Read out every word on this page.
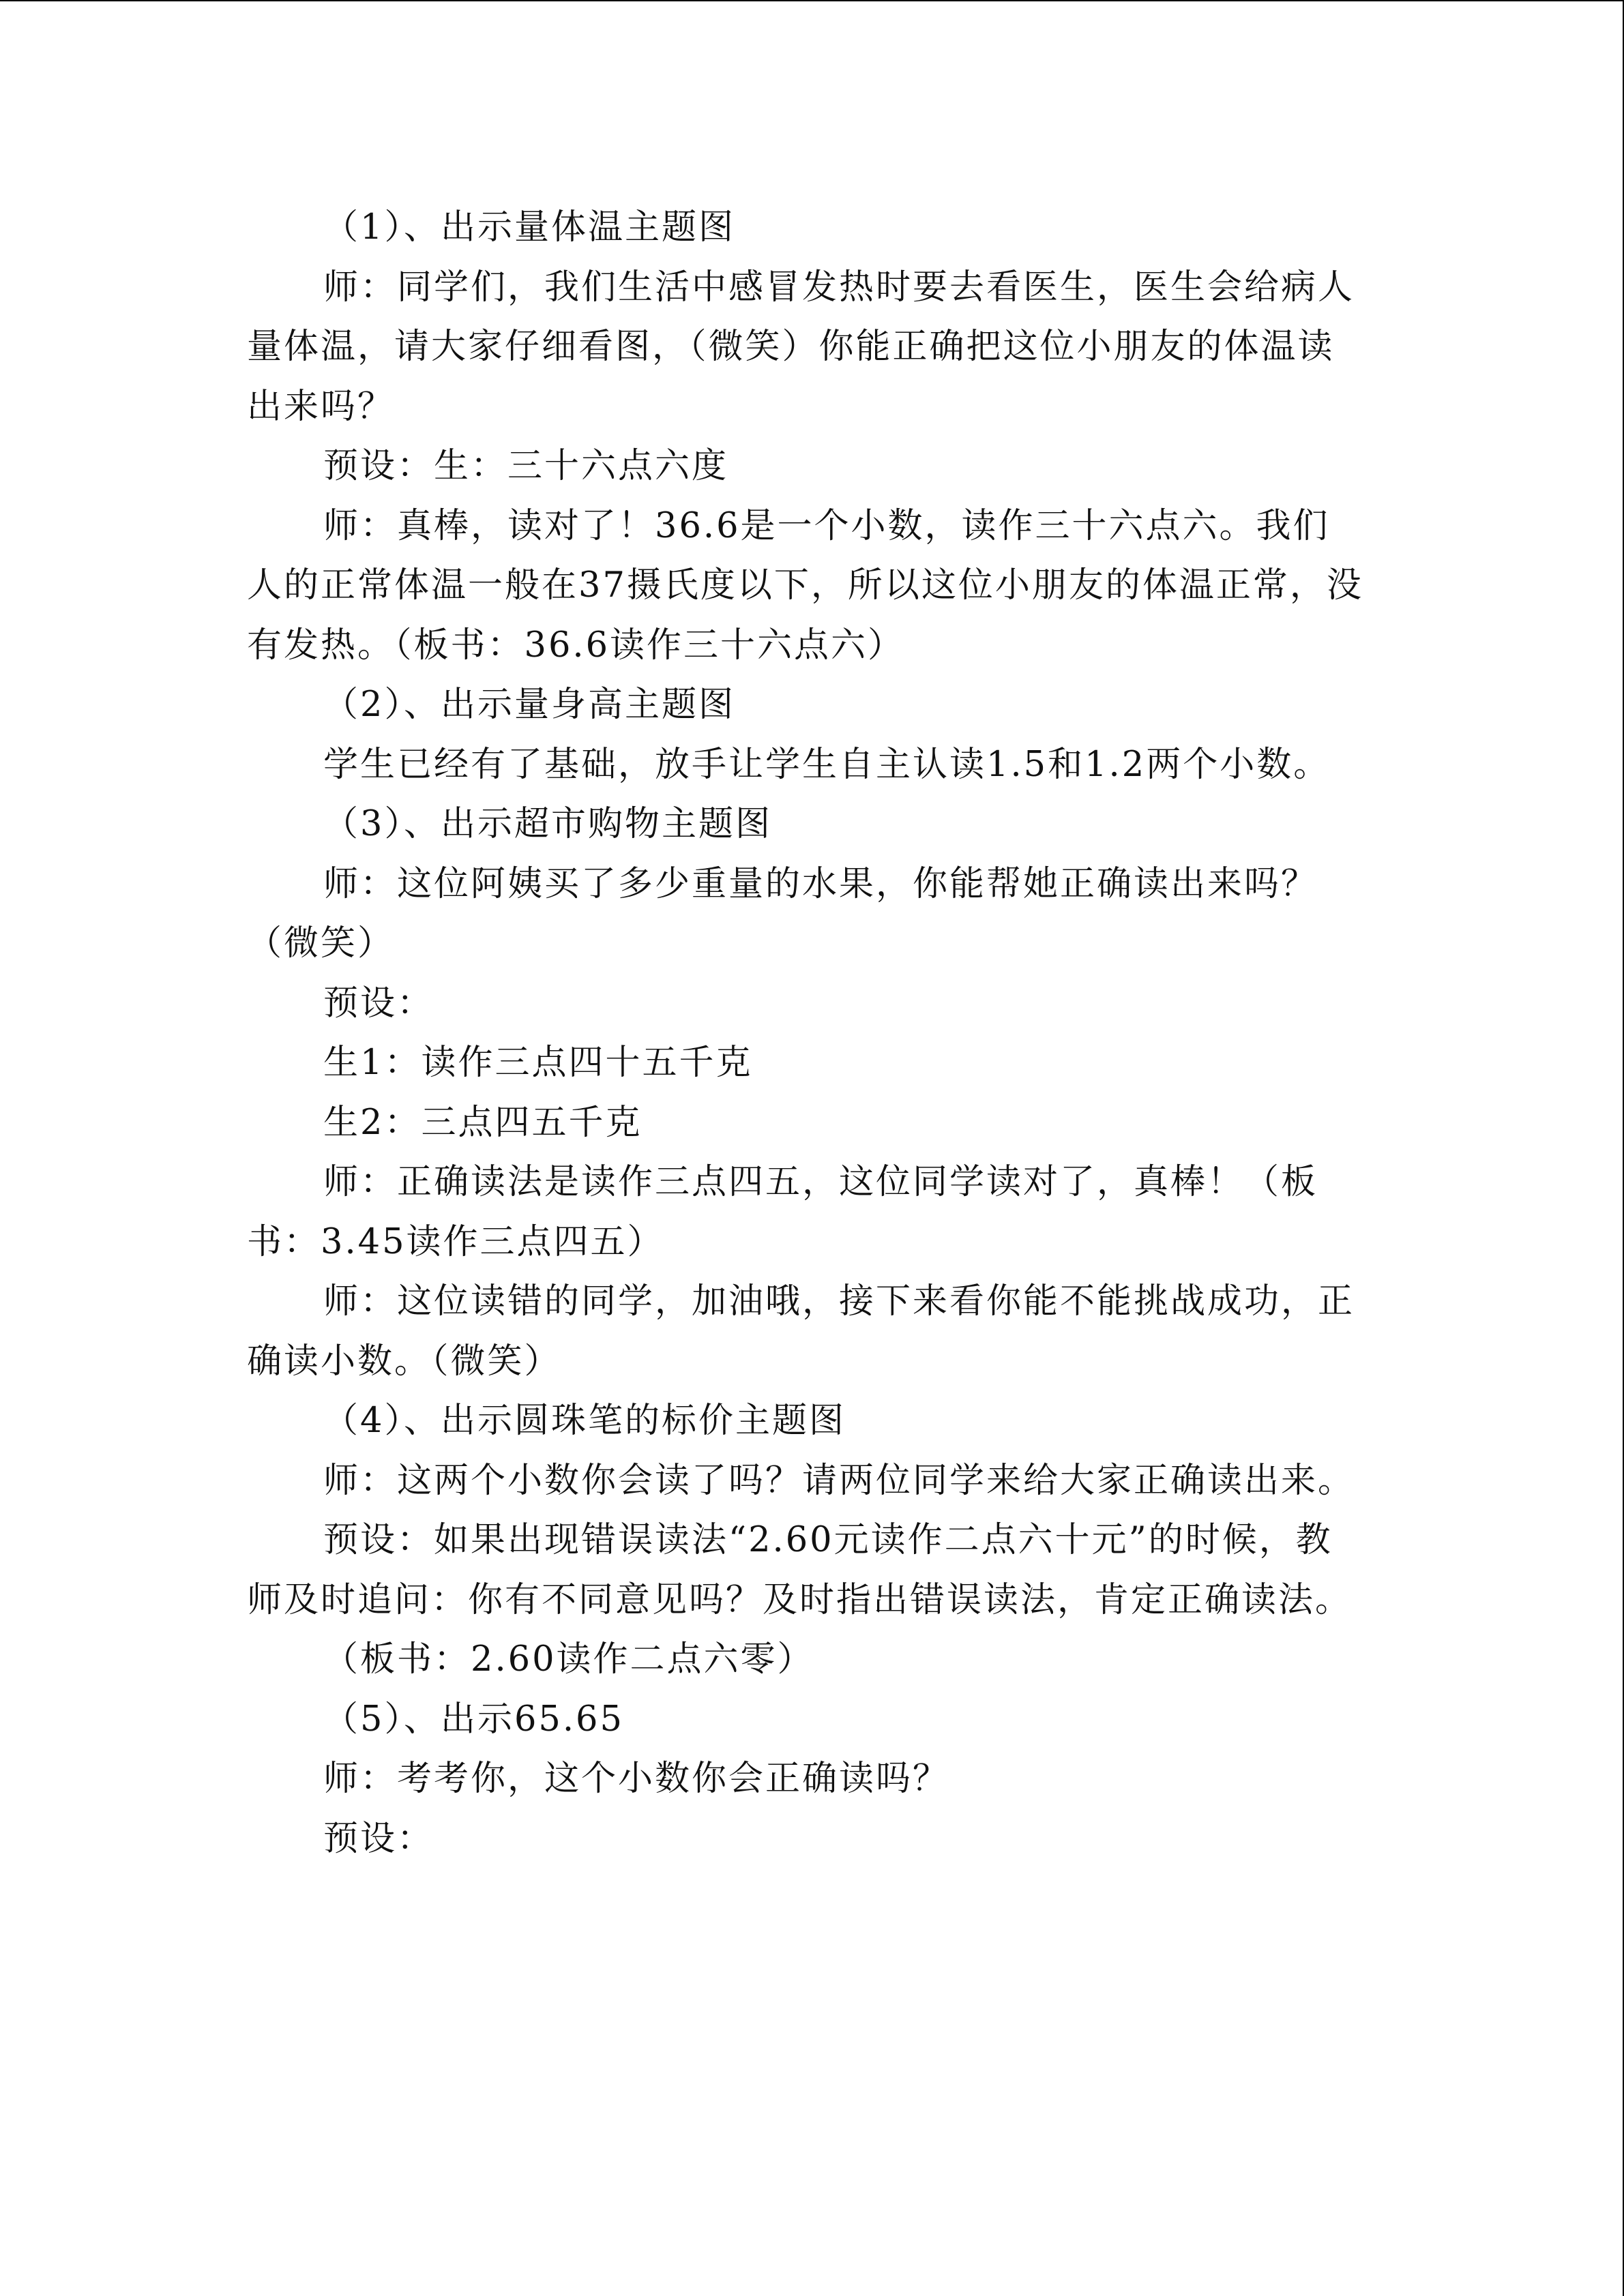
（1）、出示量体温主题图

师：同学们，我们生活中感冒发热时要去看医生，医生会给病人量体温，请大家仔细看图，（微笑）你能正确把这位小朋友的体温读出来吗？

预设：生：三十六点六度

师：真棒，读对了！36.6是一个小数，读作三十六点六。我们人的正常体温一般在37摄氏度以下，所以这位小朋友的体温正常，没有发热。（板书：36.6读作三十六点六）

（2）、出示量身高主题图

学生已经有了基础，放手让学生自主认读1.5和1.2两个小数。

（3）、出示超市购物主题图

师：这位阿姨买了多少重量的水果，你能帮她正确读出来吗？（微笑）

预设：

生1：读作三点四十五千克

生2：三点四五千克

师：正确读法是读作三点四五，这位同学读对了，真棒！（板书：3.45读作三点四五）

师：这位读错的同学，加油哦，接下来看你能不能挑战成功，正确读小数。（微笑）

（4）、出示圆珠笔的标价主题图

师：这两个小数你会读了吗？请两位同学来给大家正确读出来。

预设：如果出现错误读法“2.60元读作二点六十元”的时候，教师及时追问：你有不同意见吗？及时指出错误读法，肯定正确读法。

（板书：2.60读作二点六零）

（5）、出示65.65

师：考考你，这个小数你会正确读吗？

预设：
